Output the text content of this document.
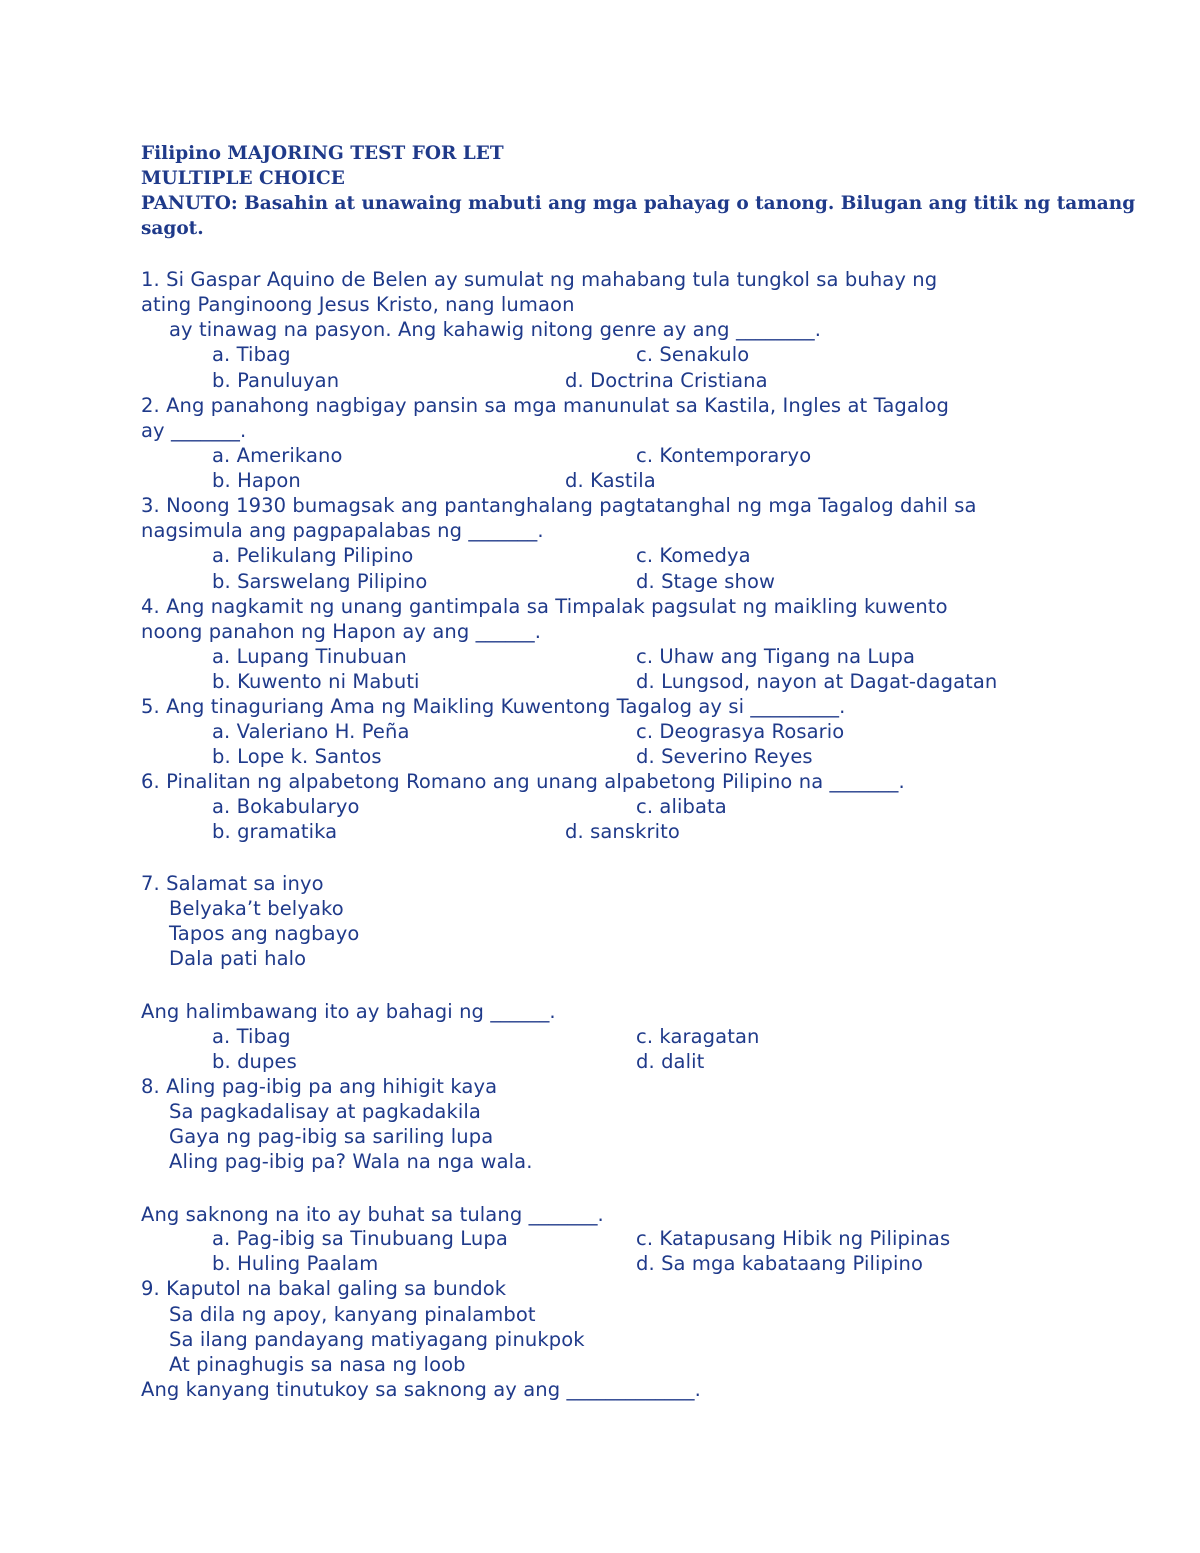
Filipino MAJORING TEST FOR LET
MULTIPLE CHOICE
PANUTO: Basahin at unawaing mabuti ang mga pahayag o tanong. Bilugan ang titik ng tamang
sagot.
1. Si Gaspar Aquino de Belen ay sumulat ng mahabang tula tungkol sa buhay ng
ating Panginoong Jesus Kristo, nang lumaon
ay tinawag na pasyon. Ang kahawig nitong genre ay ang ________.
a. Tibag	c. Senakulo
b. Panuluyan	d. Doctrina Cristiana
2. Ang panahong nagbigay pansin sa mga manunulat sa Kastila, Ingles at Tagalog
ay _______.
a. Amerikano	c. Kontemporaryo
b. Hapon	d. Kastila
3. Noong 1930 bumagsak ang pantanghalang pagtatanghal ng mga Tagalog dahil sa
nagsimula ang pagpapalabas ng _______.
a. Pelikulang Pilipino	c. Komedya
b. Sarswelang Pilipino	d. Stage show
4. Ang nagkamit ng unang gantimpala sa Timpalak pagsulat ng maikling kuwento
noong panahon ng Hapon ay ang ______.
a. Lupang Tinubuan	c. Uhaw ang Tigang na Lupa
b. Kuwento ni Mabuti	d. Lungsod, nayon at Dagat-dagatan
5. Ang tinaguriang Ama ng Maikling Kuwentong Tagalog ay si _________.
a. Valeriano H. Peña	c. Deograsya Rosario
b. Lope k. Santos	d. Severino Reyes
6. Pinalitan ng alpabetong Romano ang unang alpabetong Pilipino na _______.
a. Bokabularyo	c. alibata
b. gramatika	d. sanskrito
7. Salamat sa inyo
Belyaka’t belyako
Tapos ang nagbayo
Dala pati halo
Ang halimbawang ito ay bahagi ng ______.
a. Tibag	c. karagatan
b. dupes	d. dalit
8. Aling pag-ibig pa ang hihigit kaya
Sa pagkadalisay at pagkadakila
Gaya ng pag-ibig sa sariling lupa
Aling pag-ibig pa? Wala na nga wala.
Ang saknong na ito ay buhat sa tulang _______.
a. Pag-ibig sa Tinubuang Lupa	c. Katapusang Hibik ng Pilipinas
b. Huling Paalam	d. Sa mga kabataang Pilipino
9. Kaputol na bakal galing sa bundok
Sa dila ng apoy, kanyang pinalambot
Sa ilang pandayang matiyagang pinukpok
At pinaghugis sa nasa ng loob
Ang kanyang tinutukoy sa saknong ay ang _____________.
